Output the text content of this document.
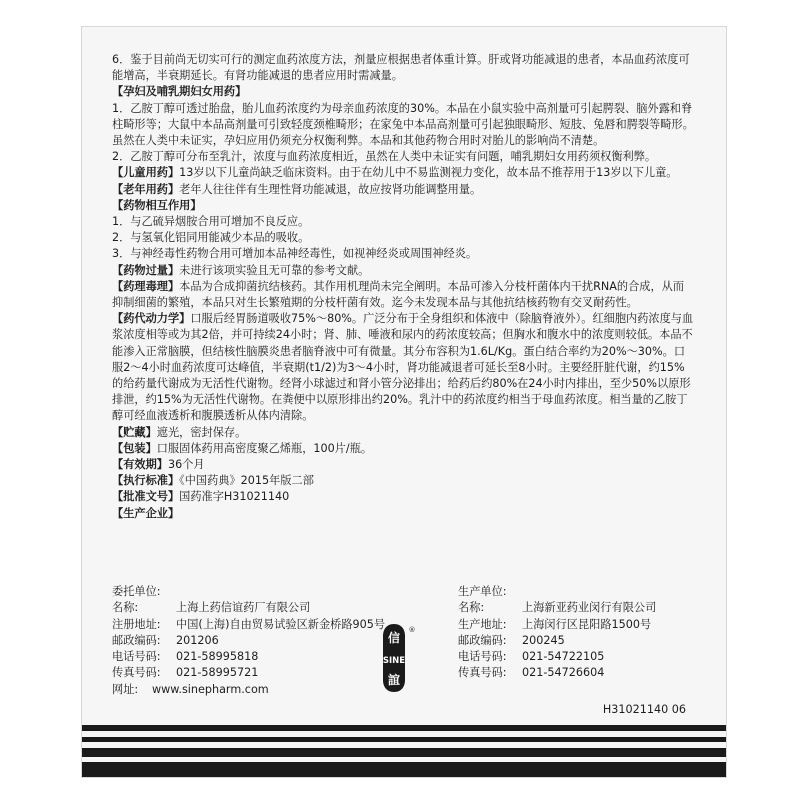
6．鉴于目前尚无切实可行的测定血药浓度方法，剂量应根据患者体重计算。肝或肾功能减退的患者，本品血药浓度可能增高，半衰期延长。有肾功能减退的患者应用时需减量。

【孕妇及哺乳期妇女用药】

1．乙胺丁醇可透过胎盘，胎儿血药浓度约为母亲血药浓度的30%。本品在小鼠实验中高剂量可引起腭裂、脑外露和脊柱畸形等；大鼠中本品高剂量可引致轻度颈椎畸形；在家兔中本品高剂量可引起独眼畸形、短肢、兔唇和腭裂等畸形。虽然在人类中未证实，孕妇应用仍须充分权衡利弊。本品和其他药物合用时对胎儿的影响尚不清楚。

2．乙胺丁醇可分布至乳汁，浓度与血药浓度相近，虽然在人类中未证实有问题，哺乳期妇女用药须权衡利弊。

【儿童用药】13岁以下儿童尚缺乏临床资料。由于在幼儿中不易监测视力变化，故本品不推荐用于13岁以下儿童。

【老年用药】老年人往往伴有生理性肾功能减退，故应按肾功能调整用量。

【药物相互作用】

1．与乙硫异烟胺合用可增加不良反应。

2．与氢氧化铝同用能减少本品的吸收。

3．与神经毒性药物合用可增加本品神经毒性，如视神经炎或周围神经炎。

【药物过量】未进行该项实验且无可靠的参考文献。

【药理毒理】本品为合成抑菌抗结核药。其作用机理尚未完全阐明。本品可渗入分枝杆菌体内干扰RNA的合成，从而抑制细菌的繁殖，本品只对生长繁殖期的分枝杆菌有效。迄今未发现本品与其他抗结核药物有交叉耐药性。

【药代动力学】口服后经胃肠道吸收75%～80%。广泛分布于全身组织和体液中（除脑脊液外）。红细胞内药浓度与血浆浓度相等或为其2倍，并可持续24小时；肾、肺、唾液和尿内的药浓度较高；但胸水和腹水中的浓度则较低。本品不能渗入正常脑膜，但结核性脑膜炎患者脑脊液中可有微量。其分布容积为1.6L/Kg。蛋白结合率约为20%～30%。口服2～4小时血药浓度可达峰值，半衰期(t1/2)为3～4小时，肾功能减退者可延长至8小时。主要经肝脏代谢，约15%的给药量代谢成为无活性代谢物。经肾小球滤过和肾小管分泌排出；给药后约80%在24小时内排出，至少50%以原形排泄，约15%为无活性代谢物。在粪便中以原形排出约20%。乳汁中的药浓度约相当于母血药浓度。相当量的乙胺丁醇可经血液透析和腹膜透析从体内清除。

【贮藏】遮光，密封保存。

【包装】口服固体药用高密度聚乙烯瓶，100片/瓶。

【有效期】36个月

【执行标准】《中国药典》2015年版二部

【批准文号】国药准字H31021140

【生产企业】

委托单位:
名称:	上海上药信谊药厂有限公司
注册地址: 中国(上海)自由贸易试验区新金桥路905号
邮政编码: 201206
电话号码: 021-58995818
传真号码: 021-58995721
网址: www.sinepharm.com
生产单位:
名称:	上海新亚药业闵行有限公司
生产地址: 上海闵行区昆阳路1500号
邮政编码: 200245
电话号码: 021-54722105
传真号码: 021-54726604
信
SINE
誼
®
H31021140 06
